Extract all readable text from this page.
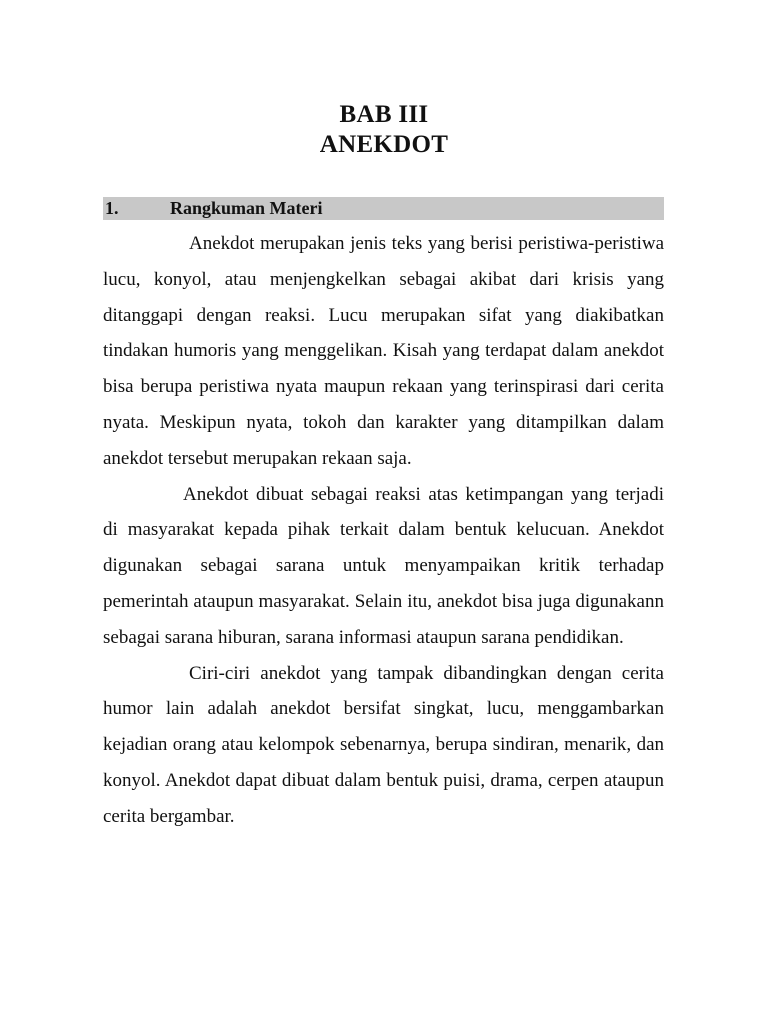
BAB III
ANEKDOT
1.	Rangkuman Materi

Anekdot merupakan jenis teks yang berisi peristiwa-peristiwa lucu, konyol, atau menjengkelkan sebagai akibat dari krisis yang ditanggapi dengan reaksi. Lucu merupakan sifat yang diakibatkan tindakan humoris yang menggelikan. Kisah yang terdapat dalam anekdot bisa berupa peristiwa nyata maupun rekaan yang terinspirasi dari cerita nyata. Meskipun nyata, tokoh dan karakter yang ditampilkan dalam anekdot tersebut merupakan rekaan saja.

Anekdot dibuat sebagai reaksi atas ketimpangan yang terjadi di masyarakat kepada pihak terkait dalam bentuk kelucuan. Anekdot digunakan sebagai sarana untuk menyampaikan kritik terhadap pemerintah ataupun masyarakat. Selain itu, anekdot bisa juga digunakann sebagai sarana hiburan, sarana informasi ataupun sarana pendidikan.

Ciri-ciri anekdot yang tampak dibandingkan dengan cerita humor lain adalah anekdot bersifat singkat, lucu, menggambarkan kejadian orang atau kelompok sebenarnya, berupa sindiran, menarik, dan konyol. Anekdot dapat dibuat dalam bentuk puisi, drama, cerpen ataupun cerita bergambar.
